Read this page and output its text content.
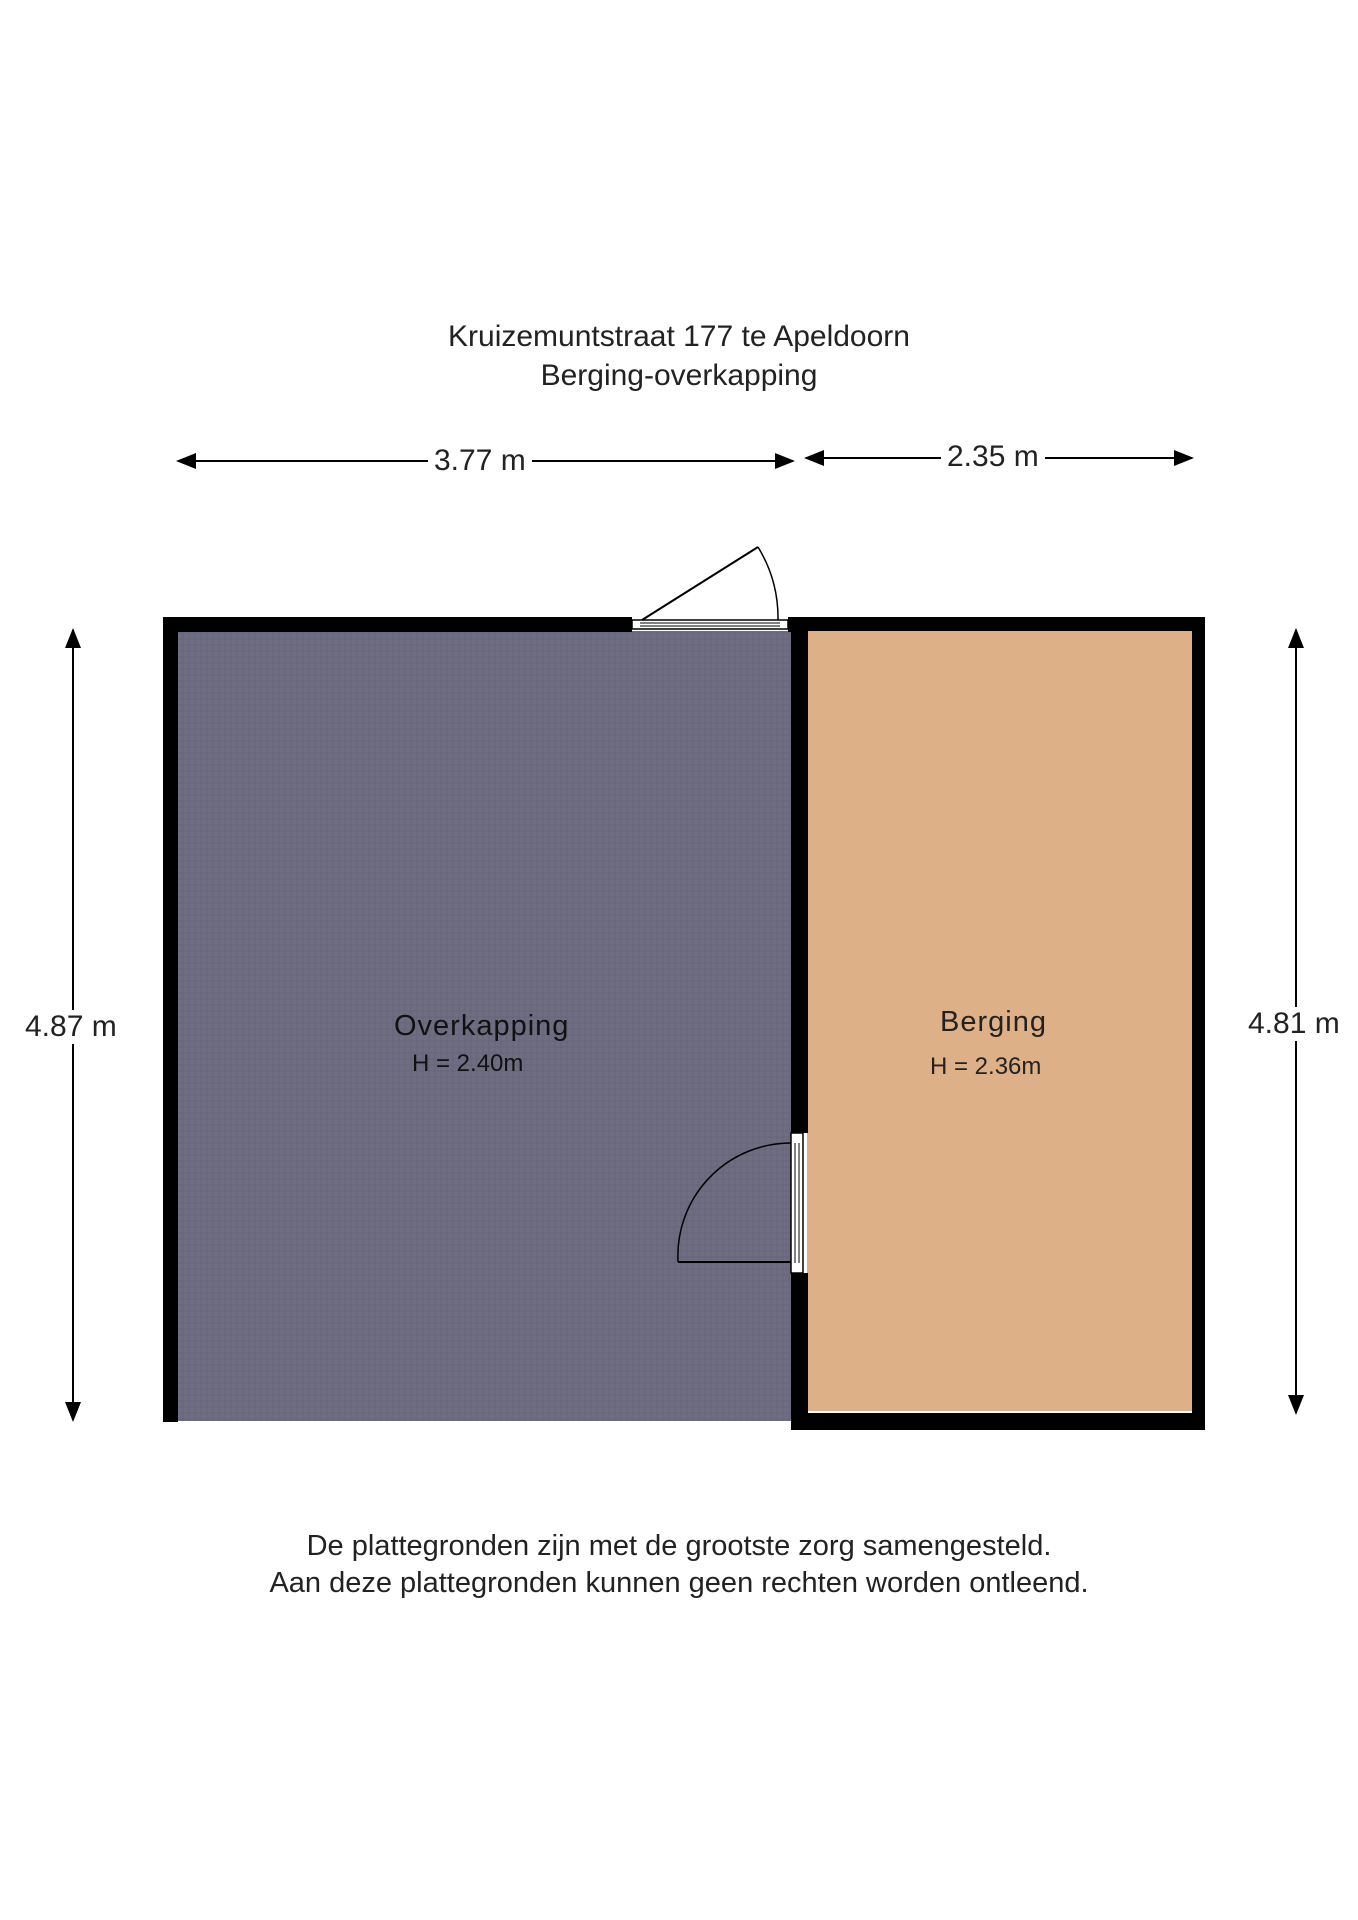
Kruizemuntstraat 177 te Apeldoorn
Berging-overkapping
3.77 m	2.35 m
4.87 m	4.81 m
Overkapping
H = 2.40m
Berging
H = 2.36m
De plattegronden zijn met de grootste zorg samengesteld.
Aan deze plattegronden kunnen geen rechten worden ontleend.
